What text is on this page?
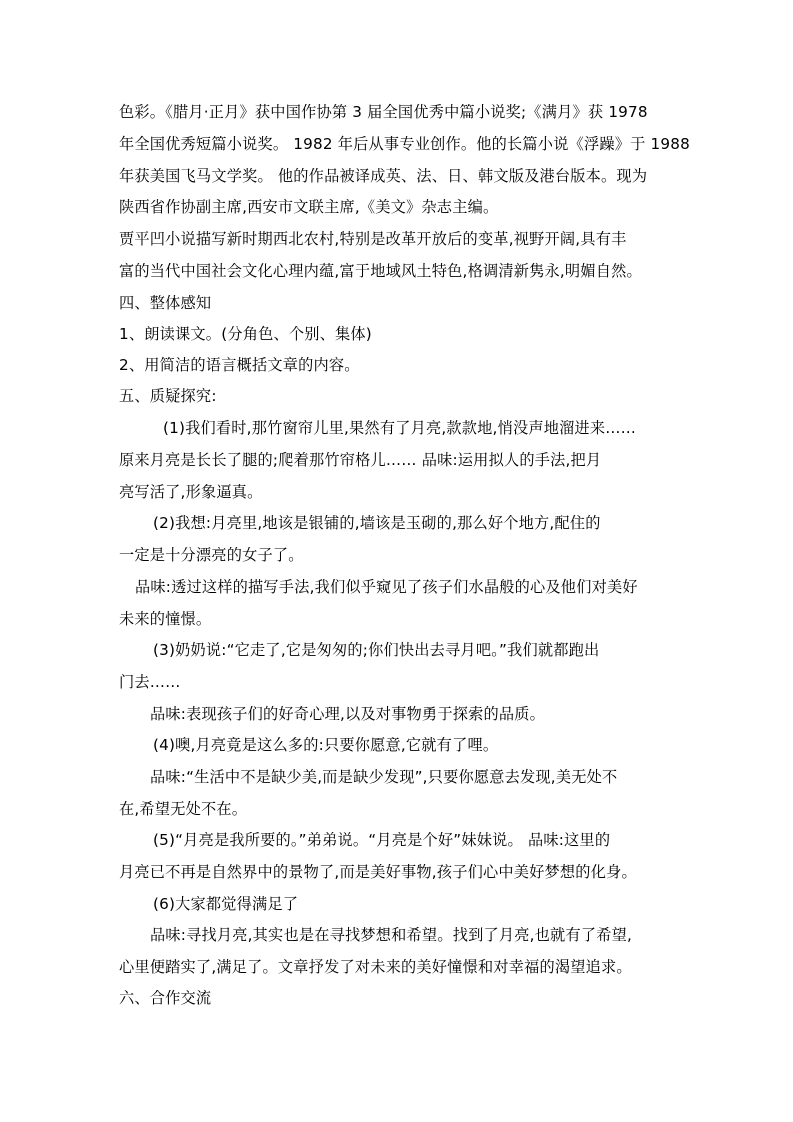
色彩。《腊月·正月》获中国作协第 3 届全国优秀中篇小说奖;《满月》获 1978
年全国优秀短篇小说奖。 1982 年后从事专业创作。他的长篇小说《浮躁》于 1988
年获美国飞马文学奖。 他的作品被译成英、法、日、韩文版及港台版本。现为
陕西省作协副主席,西安市文联主席,《美文》杂志主编。
贾平凹小说描写新时期西北农村,特别是改革开放后的变革,视野开阔,具有丰
富的当代中国社会文化心理内蕴,富于地域风土特色,格调清新隽永,明媚自然。
四、整体感知
1、朗读课文。(分角色、个别、集体)
2、用简洁的语言概括文章的内容。
五、质疑探究:
(1)我们看时,那竹窗帘儿里,果然有了月亮,款款地,悄没声地溜进来……
原来月亮是长长了腿的;爬着那竹帘格儿…… 品味:运用拟人的手法,把月
亮写活了,形象逼真。
(2)我想:月亮里,地该是银铺的,墙该是玉砌的,那么好个地方,配住的
一定是十分漂亮的女子了。
品味:透过这样的描写手法,我们似乎窥见了孩子们水晶般的心及他们对美好
未来的憧憬。
(3)奶奶说:“它走了,它是匆匆的;你们快出去寻月吧。”我们就都跑出
门去……
品味:表现孩子们的好奇心理,以及对事物勇于探索的品质。
(4)噢,月亮竟是这么多的:只要你愿意,它就有了哩。
品味:“生活中不是缺少美,而是缺少发现”,只要你愿意去发现,美无处不
在,希望无处不在。
(5)“月亮是我所要的。”弟弟说。“月亮是个好”妹妹说。 品味:这里的
月亮已不再是自然界中的景物了,而是美好事物,孩子们心中美好梦想的化身。
(6)大家都觉得满足了
品味:寻找月亮,其实也是在寻找梦想和希望。找到了月亮,也就有了希望,
心里便踏实了,满足了。文章抒发了对未来的美好憧憬和对幸福的渴望追求。
六、合作交流
